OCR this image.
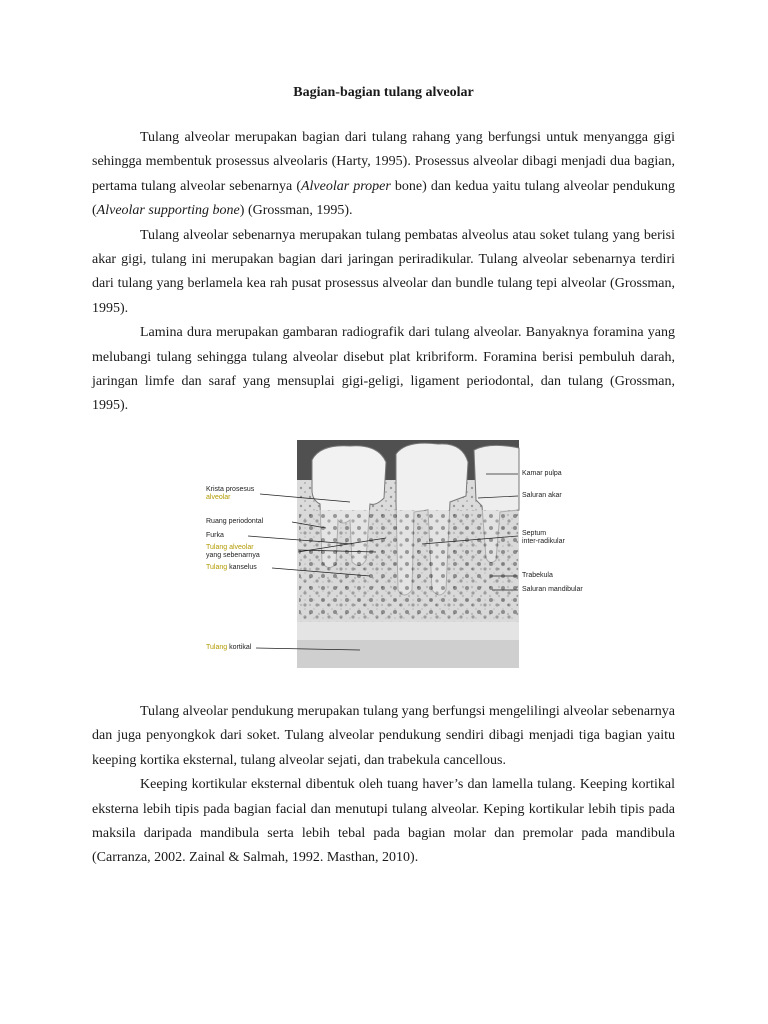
Bagian-bagian tulang alveolar

Tulang alveolar merupakan bagian dari tulang rahang yang berfungsi untuk menyangga gigi sehingga membentuk prosessus alveolaris (Harty, 1995). Prosessus alveolar dibagi menjadi dua bagian, pertama tulang alveolar sebenarnya (Alveolar proper bone) dan kedua yaitu tulang alveolar pendukung (Alveolar supporting bone) (Grossman, 1995).

Tulang alveolar sebenarnya merupakan tulang pembatas alveolus atau soket tulang yang berisi akar gigi, tulang ini merupakan bagian dari jaringan periradikular. Tulang alveolar sebenarnya terdiri dari tulang yang berlamela kea rah pusat prosessus alveolar dan bundle tulang tepi alveolar (Grossman, 1995).

Lamina dura merupakan gambaran radiografik dari tulang alveolar. Banyaknya foramina yang melubangi tulang sehingga tulang alveolar disebut plat kribriform. Foramina berisi pembuluh darah, jaringan limfe dan saraf yang mensuplai gigi-geligi, ligament periodontal, dan tulang (Grossman, 1995).

Krista prosesus
alveolar
Ruang periodontal
Furka
Tulang alveolar
yang sebenarnya
Tulang kanselus
Tulang kortikal
Kamar pulpa
Saluran akar
Septum
inter-radikular
Trabekula
Saluran mandibular

Tulang alveolar pendukung merupakan tulang yang berfungsi mengelilingi alveolar sebenarnya dan juga penyongkok dari soket. Tulang alveolar pendukung sendiri dibagi menjadi tiga bagian yaitu keeping kortika eksternal, tulang alveolar sejati, dan trabekula cancellous.

Keeping kortikular eksternal dibentuk oleh tuang haver’s dan lamella tulang. Keeping kortikal eksterna lebih tipis pada bagian facial dan menutupi tulang alveolar. Keping kortikular lebih tipis pada maksila daripada mandibula serta lebih tebal pada bagian molar dan premolar pada mandibula (Carranza, 2002. Zainal & Salmah, 1992. Masthan, 2010).
